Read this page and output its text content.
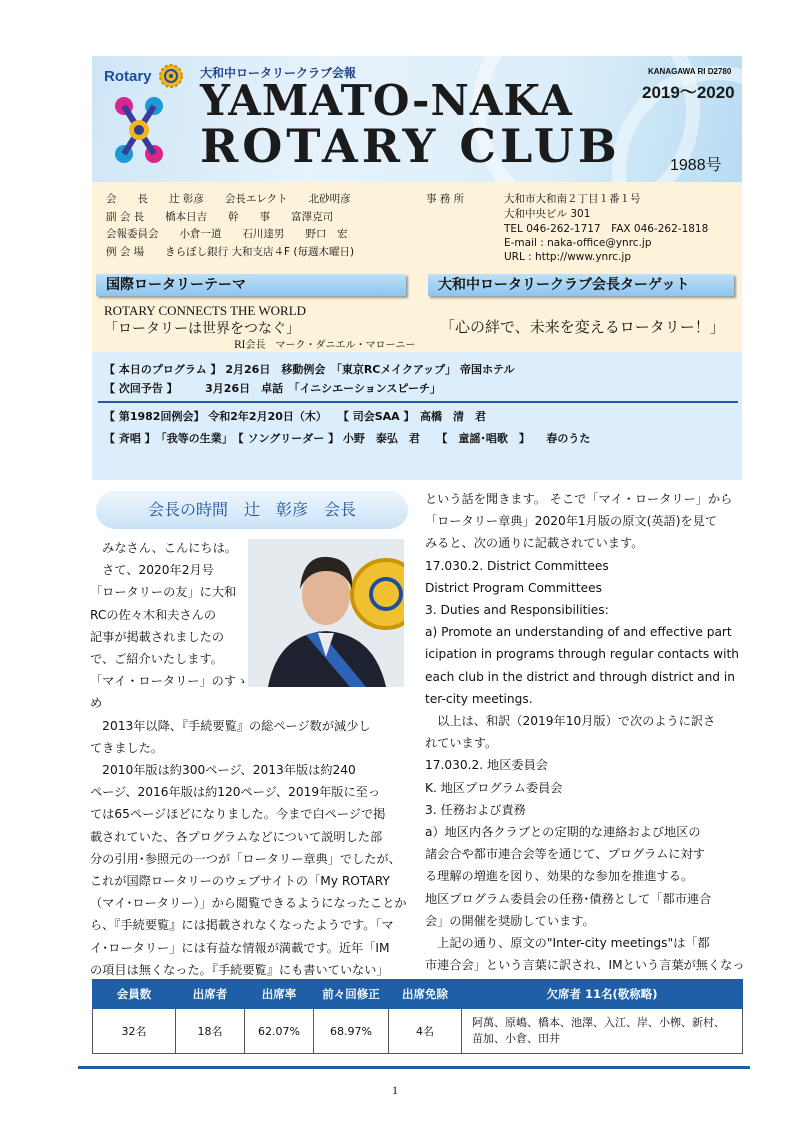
Rotary	大和中ロータリークラブ会報	KANAGAWA RI D2780
2019～2020
YAMATO-NAKA
ROTARY CLUB	1988号
会　　長　　辻 彰彦　　会長エレクト　　北砂明彦
副 会 長　　橋本日吉　　幹　　事　　富澤克司
会報委員会　　小倉一道　　石川達男　　野口　宏
例 会 場　　きらぼし銀行 大和支店４F (毎週木曜日)
事 務 所	大和市大和南２丁目１番１号
大和中央ビル 301
TEL 046-262-1717　FAX 046-262-1818
E-mail : naka-office@ynrc.jp
URL : http://www.ynrc.jp
国際ロータリーテーマ	大和中ロータリークラブ会長ターゲット
ROTARY CONNECTS THE WORLD
「ロータリーは世界をつなぐ」
RI会長　マーク・ダニエル・マローニー
「心の絆で、未来を変えるロータリー！」
【 本日のプログラム 】 2月26日　移動例会　「東京RCメイクアップ」 帝国ホテル
【 次回予告 】　　　3月26日　卓話　「イニシエーションスピーチ」
【 第1982回例会】 令和2年2月20日（木）　　【 司会SAA 】　高橋　清　君
【 斉唱 】　「我等の生業」　【 ソングリーダー 】 小野　泰弘　君　　【　童謡･唱歌　】　　春のうた
会長の時間　辻　彰彦　会長
　みなさん、こんにちは。
　さて、2020年2月号
「ロータリーの友」に大和
RCの佐々木和夫さんの
記事が掲載されましたの
で、ご紹介いたします。
「マイ・ロータリー」のすゝ
め
　2013年以降、『手続要覧』の総ページ数が減少し
てきました。
　2010年版は約300ページ、2013年版は約240
ページ、2016年版は約120ページ、2019年版に至っ
ては65ページほどになりました。今まで白ページで掲
載されていた、各プログラムなどについて説明した部
分の引用･参照元の一つが「ロータリー章典」でしたが、
これが国際ロータリーのウェブサイトの「My ROTARY
（マイ･ロータリー）」から閲覧できるようになったことか
ら、『手続要覧』には掲載されなくなったようです。「マ
イ･ロータリー」には有益な情報が満載です。近年「IM
の項目は無くなった。『手続要覧』にも書いていない」
という話を聞きます。 そこで「マイ・ロータリー」から
「ロータリー章典」2020年1月版の原文(英語)を見て
みると、次の通りに記載されています。
17.030.2. District Committees
District Program Committees
3. Duties and Responsibilities:
a) Promote an understanding of and effective part
icipation in programs through regular contacts with
each club in the district and through district and in
ter-city meetings.
　以上は、和訳（2019年10月版）で次のように訳さ
れています。
17.030.2. 地区委員会
K. 地区プログラム委員会
3. 任務および責務
a）地区内各クラブとの定期的な連絡および地区の
諸会合や都市連合会等を通じて、プログラムに対す
る理解の増進を図り、効果的な参加を推進する。
地区プログラム委員会の任務･債務として「都市連合
会」の開催を奨励しています。
　上記の通り、原文の"Inter-city meetings"は「都
市連合会」という言葉に訳され、IMという言葉が無くなっ
会員数	出席者	出席率	前々回修正	出席免除	欠席者 11名(敬称略)
32名	18名	62.07%	68.97%	4名	阿萬、原嶋、橋本、池澤、入江、岸、小栁、新村、
苗加、小倉、田井
1
